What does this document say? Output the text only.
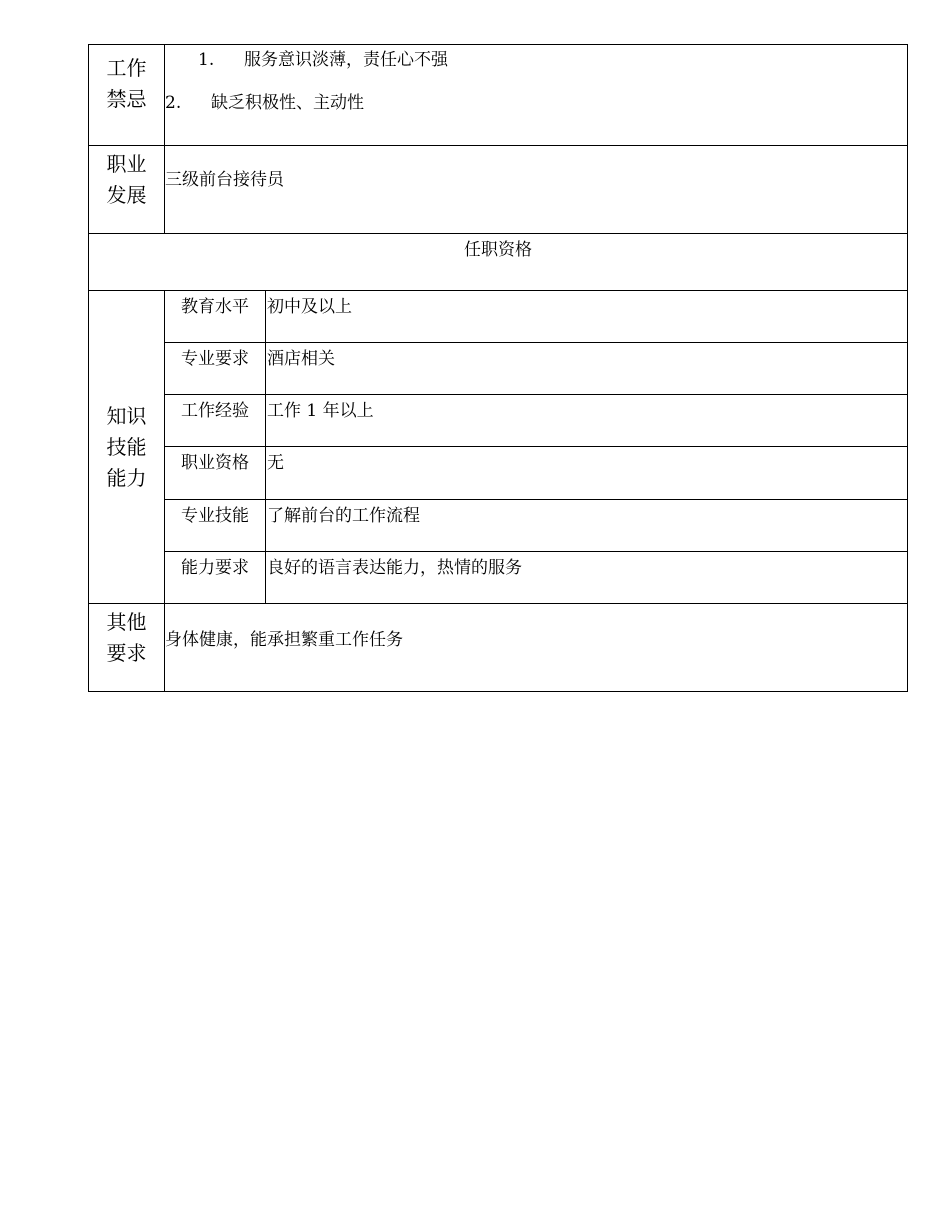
工作禁忌	1. 服务意识淡薄，责任心不强
2. 缺乏积极性、主动性	

职业发展	三级前台接待员	
任职资格		
知识技能能力	教育水平	初中及以上
	专业要求	酒店相关
	工作经验	工作 1 年以上
	职业资格	无
	专业技能	了解前台的工作流程
	能力要求	良好的语言表达能力，热情的服务
其他要求	身体健康，能承担繁重工作任务	
